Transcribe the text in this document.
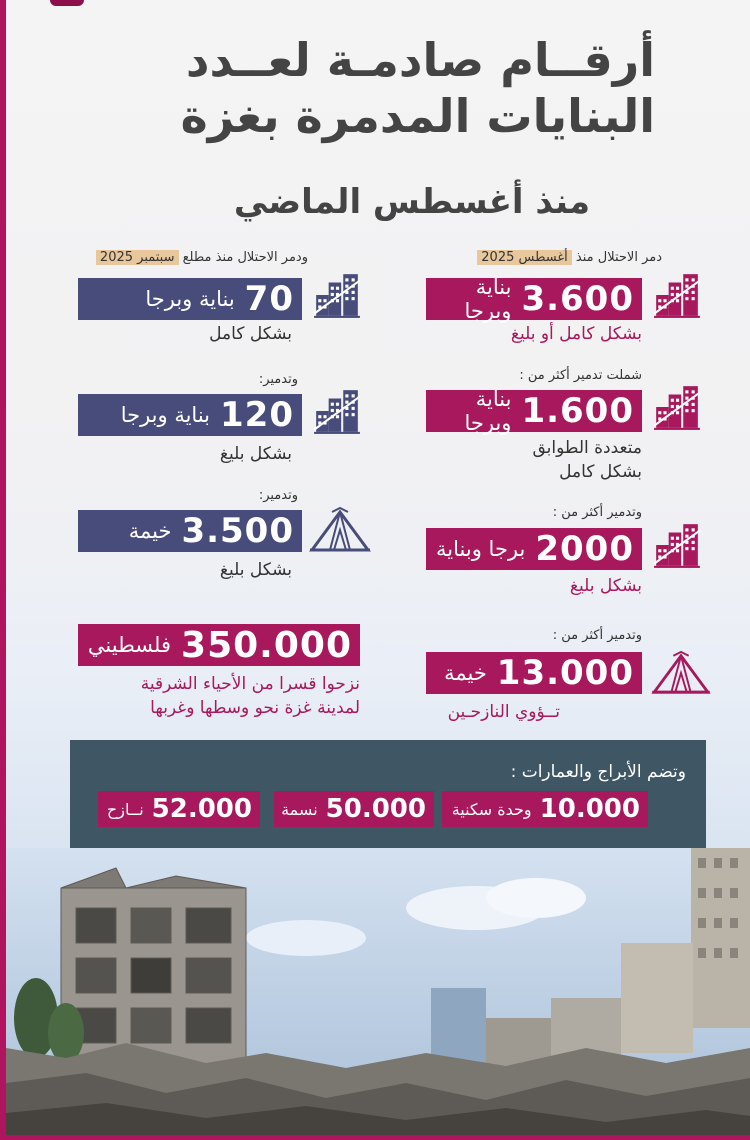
أرقــام صادمـة لعــدد
البنايات المدمرة بغزة
منذ أغسطس الماضي
دمر الاحتلال منذ أغسطس 2025
3.600
بناية وبرجا
بشكل كامل أو بليغ
شملت تدمير أكثر من :
1.600
بناية وبرجا
متعددة الطوابق
بشكل كامل
وتدمير أكثر من :
2000
برجا وبناية
بشكل بليغ
وتدمير أكثر من :
13.000
خيمة
تــؤوي النازحـين
ودمر الاحتلال منذ مطلع سبتمبر 2025
70
بناية وبرجا
بشكل كامل
وتدمير:
120
بناية وبرجا
بشكل بليغ
وتدمير:
3.500
خيمة
بشكل بليغ
350.000
فلسطيني
نزحوا قسرا من الأحياء الشرقية
لمدينة غزة نحو وسطها وغربها
وتضم الأبراج والعمارات :
10.000
وحدة سكنية
50.000
نسمة
52.000
نــازح
